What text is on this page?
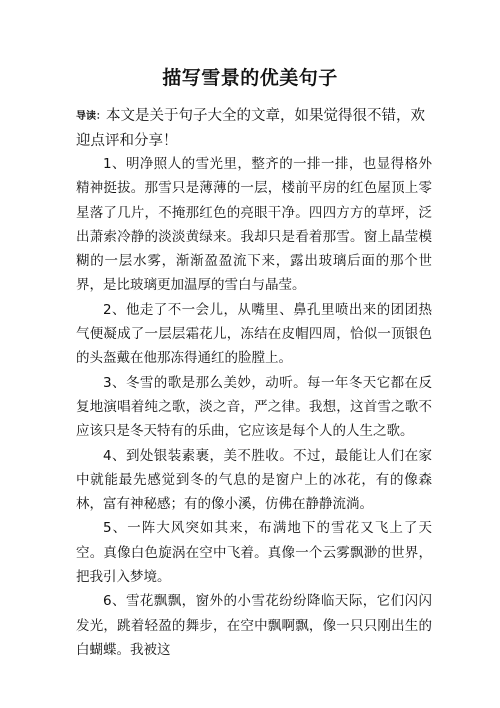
描写雪景的优美句子
导读：本文是关于句子大全的文章，如果觉得很不错，欢迎点评和分享！

1、明净照人的雪光里，整齐的一排一排，也显得格外精神挺拔。那雪只是薄薄的一层，楼前平房的红色屋顶上零星落了几片，不掩那红色的亮眼干净。四四方方的草坪，泛出萧索冷静的淡淡黄绿来。我却只是看着那雪。窗上晶莹模糊的一层水雾，渐渐盈盈流下来，露出玻璃后面的那个世界，是比玻璃更加温厚的雪白与晶莹。

2、他走了不一会儿，从嘴里、鼻孔里喷出来的团团热气便凝成了一层层霜花儿，冻结在皮帽四周，恰似一顶银色的头盔戴在他那冻得通红的脸膛上。

3、冬雪的歌是那么美妙，动听。每一年冬天它都在反复地演唱着纯之歌，淡之音，严之律。我想，这首雪之歌不应该只是冬天特有的乐曲，它应该是每个人的人生之歌。

4、到处银装素裹，美不胜收。不过，最能让人们在家中就能最先感觉到冬的气息的是窗户上的冰花，有的像森林，富有神秘感；有的像小溪，仿佛在静静流淌。

5、一阵大风突如其来，布满地下的雪花又飞上了天空。真像白色旋涡在空中飞着。真像一个云雾飘渺的世界，把我引入梦境。

6、雪花飘飘，窗外的小雪花纷纷降临天际，它们闪闪发光，跳着轻盈的舞步，在空中飘啊飘，像一只只刚出生的白蝴蝶。我被这
